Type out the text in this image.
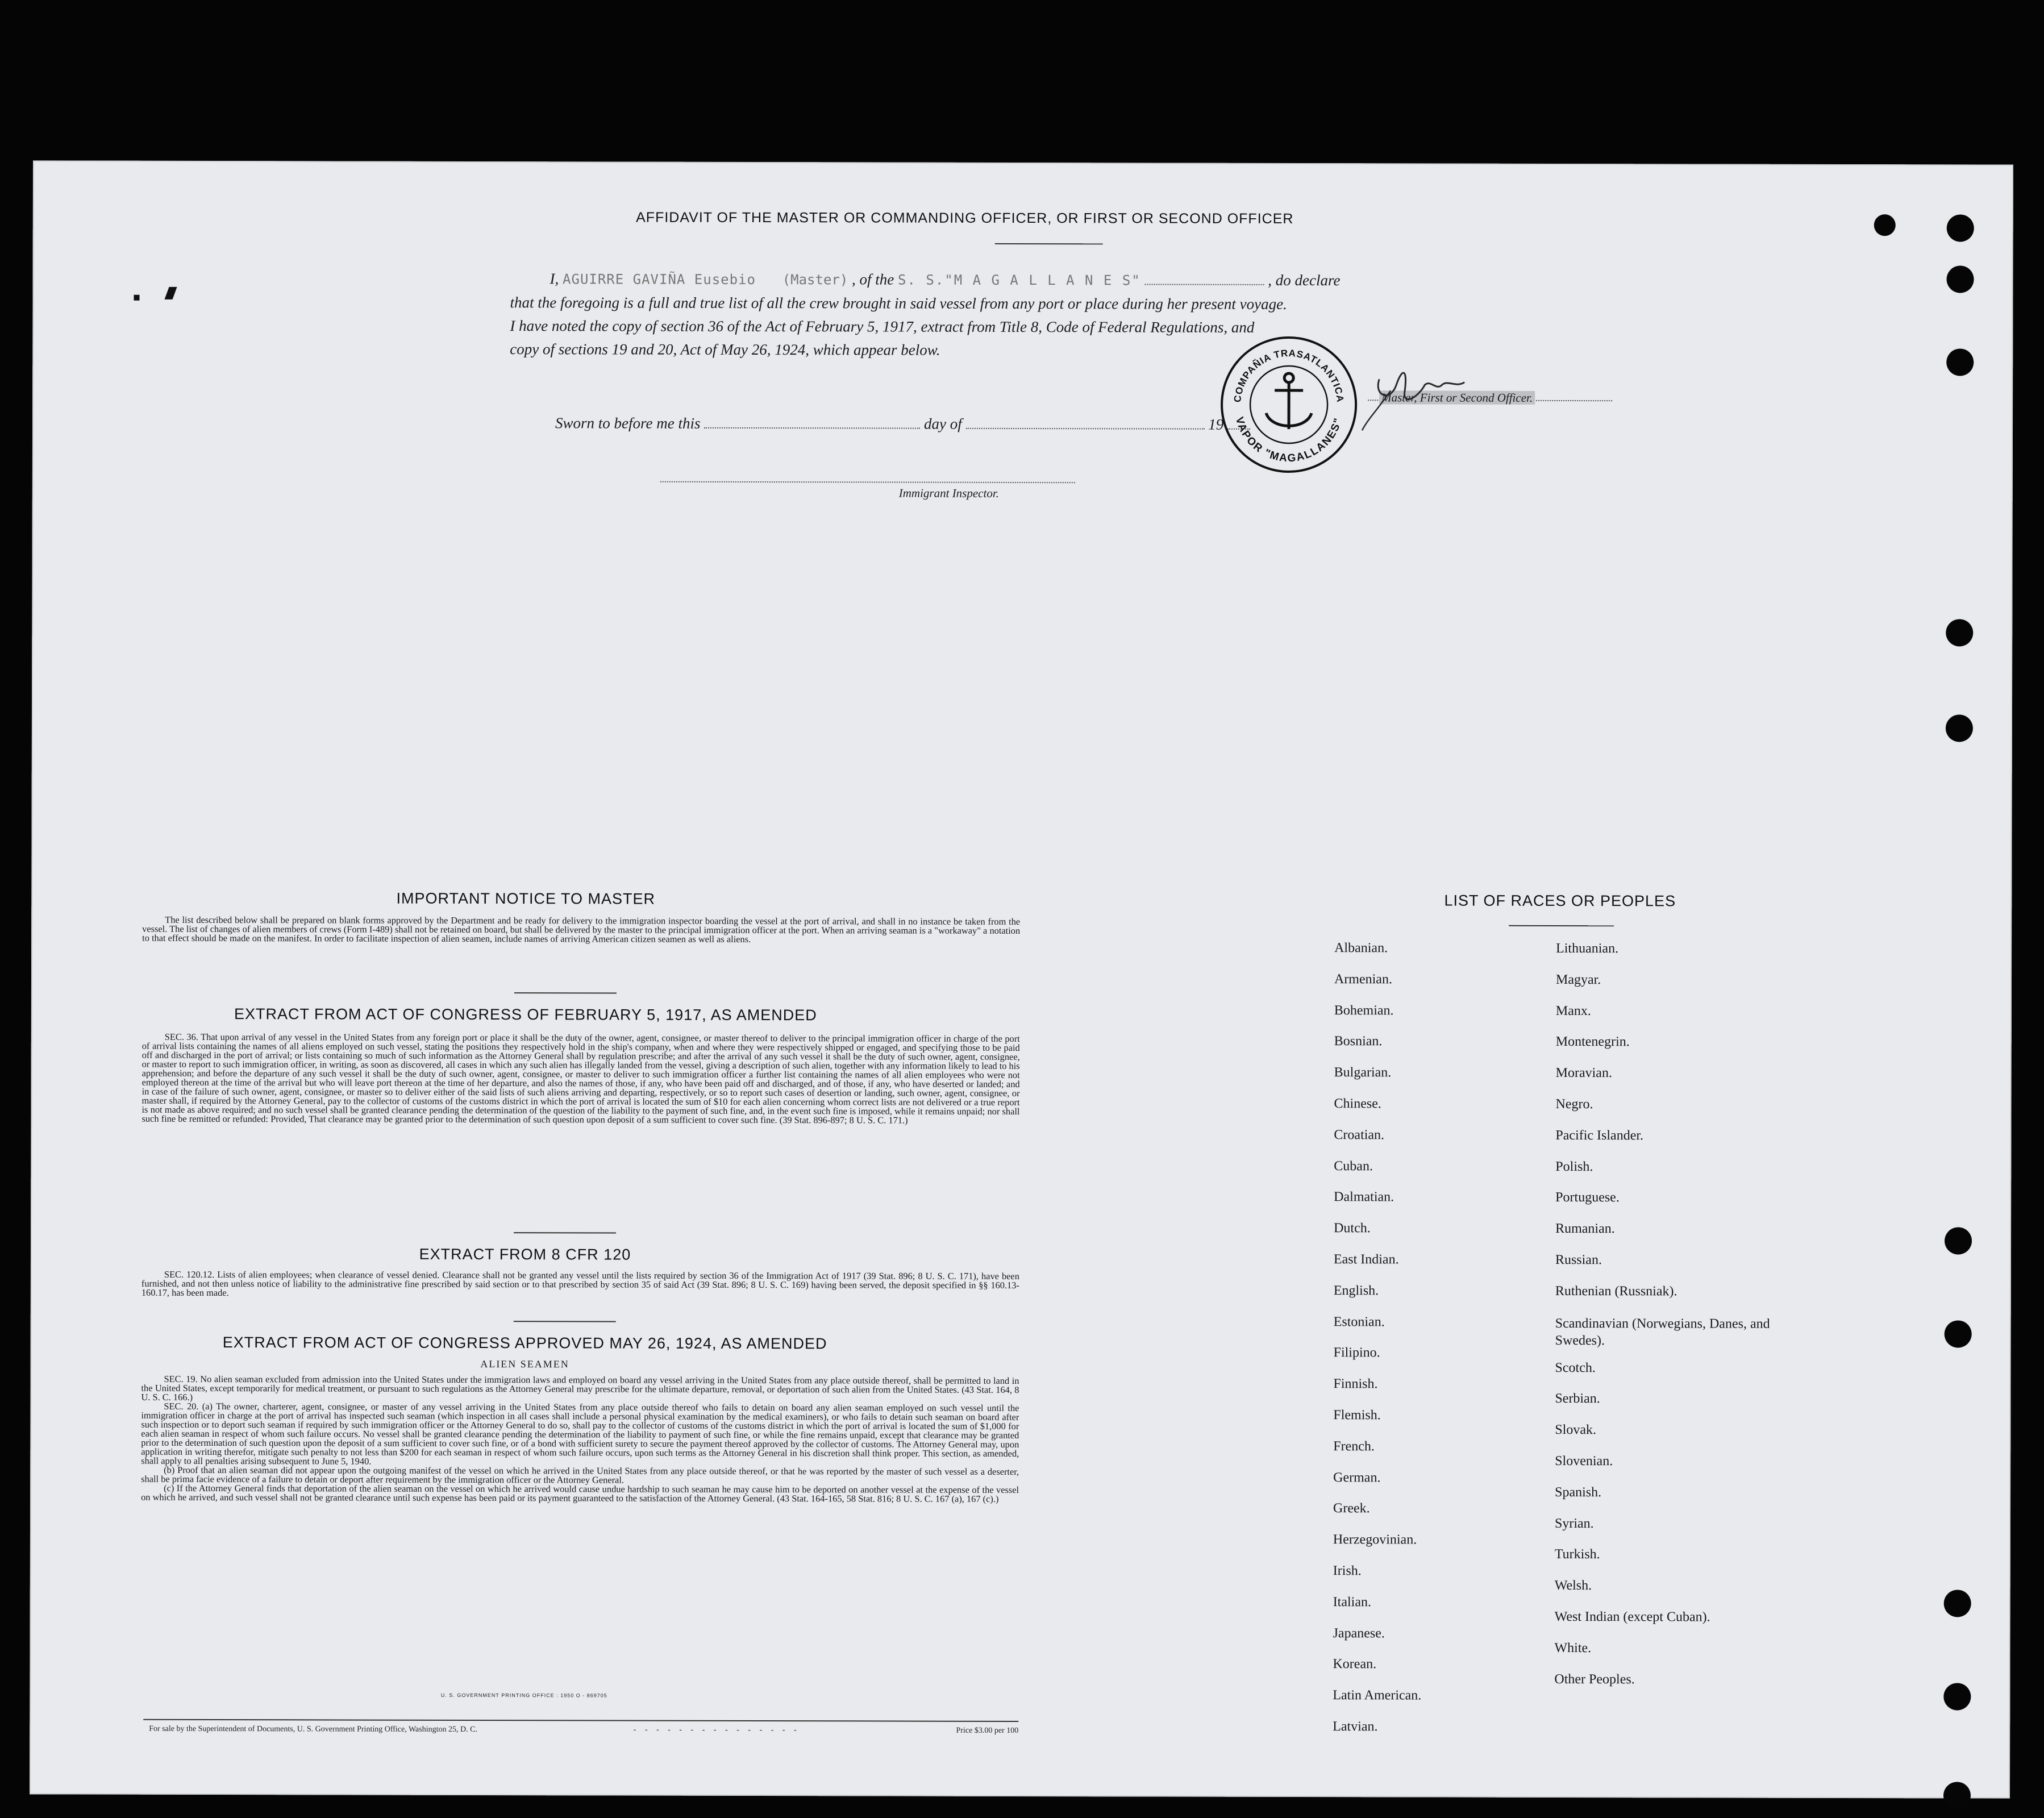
AFFIDAVIT OF THE MASTER OR COMMANDING OFFICER, OR FIRST OR SECOND OFFICER
I, AGUIRRE GAVIÑA Eusebio (Master) , of the S. S."M A G A L L A N E S"	, do declare
that the foregoing is a full and true list of all the crew brought in said vessel from any port or place during her present voyage.
I have noted the copy of section 36 of the Act of February 5, 1917, extract from Title 8, Code of Federal Regulations, and
copy of sections 19 and 20, Act of May 26, 1924, which appear below.
Sworn to before me this	day of	19
Master, First or Second Officer.
Immigrant Inspector.
COMPAÑIA TRASATLANTICA
VAPOR "MAGALLANES"
IMPORTANT NOTICE TO MASTER
The list described below shall be prepared on blank forms approved by the Department and be ready for delivery to the immigration inspector boarding the vessel at the port of arrival, and shall in no instance be taken from the vessel. The list of changes of alien members of crews (Form I-489) shall not be retained on board, but shall be delivered by the master to the principal immigration officer at the port. When an arriving seaman is a "workaway" a notation to that effect should be made on the manifest. In order to facilitate inspection of alien seamen, include names of arriving American citizen seamen as well as aliens.
EXTRACT FROM ACT OF CONGRESS OF FEBRUARY 5, 1917, AS AMENDED
SEC. 36. That upon arrival of any vessel in the United States from any foreign port or place it shall be the duty of the owner, agent, consignee, or master thereof to deliver to the principal immigration officer in charge of the port of arrival lists containing the names of all aliens employed on such vessel, stating the positions they respectively hold in the ship's company, when and where they were respectively shipped or engaged, and specifying those to be paid off and discharged in the port of arrival; or lists containing so much of such information as the Attorney General shall by regulation prescribe; and after the arrival of any such vessel it shall be the duty of such owner, agent, consignee, or master to report to such immigration officer, in writing, as soon as discovered, all cases in which any such alien has illegally landed from the vessel, giving a description of such alien, together with any information likely to lead to his apprehension; and before the departure of any such vessel it shall be the duty of such owner, agent, consignee, or master to deliver to such immigration officer a further list containing the names of all alien employees who were not employed thereon at the time of the arrival but who will leave port thereon at the time of her departure, and also the names of those, if any, who have been paid off and discharged, and of those, if any, who have deserted or landed; and in case of the failure of such owner, agent, consignee, or master so to deliver either of the said lists of such aliens arriving and departing, respectively, or so to report such cases of desertion or landing, such owner, agent, consignee, or master shall, if required by the Attorney General, pay to the collector of customs of the customs district in which the port of arrival is located the sum of $10 for each alien concerning whom correct lists are not delivered or a true report is not made as above required; and no such vessel shall be granted clearance pending the determination of the question of the liability to the payment of such fine, and, in the event such fine is imposed, while it remains unpaid; nor shall such fine be remitted or refunded: Provided, That clearance may be granted prior to the determination of such question upon deposit of a sum sufficient to cover such fine. (39 Stat. 896-897; 8 U. S. C. 171.)
EXTRACT FROM 8 CFR 120
SEC. 120.12. Lists of alien employees; when clearance of vessel denied. Clearance shall not be granted any vessel until the lists required by section 36 of the Immigration Act of 1917 (39 Stat. 896; 8 U. S. C. 171), have been furnished, and not then unless notice of liability to the administrative fine prescribed by said section or to that prescribed by section 35 of said Act (39 Stat. 896; 8 U. S. C. 169) having been served, the deposit specified in §§ 160.13-160.17, has been made.
EXTRACT FROM ACT OF CONGRESS APPROVED MAY 26, 1924, AS AMENDED
ALIEN SEAMEN
SEC. 19. No alien seaman excluded from admission into the United States under the immigration laws and employed on board any vessel arriving in the United States from any place outside thereof, shall be permitted to land in the United States, except temporarily for medical treatment, or pursuant to such regulations as the Attorney General may prescribe for the ultimate departure, removal, or deportation of such alien from the United States. (43 Stat. 164, 8 U. S. C. 166.)
SEC. 20. (a) The owner, charterer, agent, consignee, or master of any vessel arriving in the United States from any place outside thereof who fails to detain on board any alien seaman employed on such vessel until the immigration officer in charge at the port of arrival has inspected such seaman (which inspection in all cases shall include a personal physical examination by the medical examiners), or who fails to detain such seaman on board after such inspection or to deport such seaman if required by such immigration officer or the Attorney General to do so, shall pay to the collector of customs of the customs district in which the port of arrival is located the sum of $1,000 for each alien seaman in respect of whom such failure occurs. No vessel shall be granted clearance pending the determination of the liability to payment of such fine, or while the fine remains unpaid, except that clearance may be granted prior to the determination of such question upon the deposit of a sum sufficient to cover such fine, or of a bond with sufficient surety to secure the payment thereof approved by the collector of customs. The Attorney General may, upon application in writing therefor, mitigate such penalty to not less than $200 for each seaman in respect of whom such failure occurs, upon such terms as the Attorney General in his discretion shall think proper. This section, as amended, shall apply to all penalties arising subsequent to June 5, 1940.
(b) Proof that an alien seaman did not appear upon the outgoing manifest of the vessel on which he arrived in the United States from any place outside thereof, or that he was reported by the master of such vessel as a deserter, shall be prima facie evidence of a failure to detain or deport after requirement by the immigration officer or the Attorney General.
(c) If the Attorney General finds that deportation of the alien seaman on the vessel on which he arrived would cause undue hardship to such seaman he may cause him to be deported on another vessel at the expense of the vessel on which he arrived, and such vessel shall not be granted clearance until such expense has been paid or its payment guaranteed to the satisfaction of the Attorney General. (43 Stat. 164-165, 58 Stat. 816; 8 U. S. C. 167 (a), 167 (c).)
U. S. GOVERNMENT PRINTING OFFICE : 1950 O - 869705
For sale by the Superintendent of Documents, U. S. Government Printing Office, Washington 25, D. C.	- - - - - - - - - - - - - - -	Price $3.00 per 100
LIST OF RACES OR PEOPLES
Albanian.
Armenian.
Bohemian.
Bosnian.
Bulgarian.
Chinese.
Croatian.
Cuban.
Dalmatian.
Dutch.
East Indian.
English.
Estonian.
Filipino.
Finnish.
Flemish.
French.
German.
Greek.
Herzegovinian.
Irish.
Italian.
Japanese.
Korean.
Latin American.
Latvian.
Lithuanian.
Magyar.
Manx.
Montenegrin.
Moravian.
Negro.
Pacific Islander.
Polish.
Portuguese.
Rumanian.
Russian.
Ruthenian (Russniak).
Scandinavian (Norwegians, Danes, and Swedes).
Scotch.
Serbian.
Slovak.
Slovenian.
Spanish.
Syrian.
Turkish.
Welsh.
West Indian (except Cuban).
White.
Other Peoples.
